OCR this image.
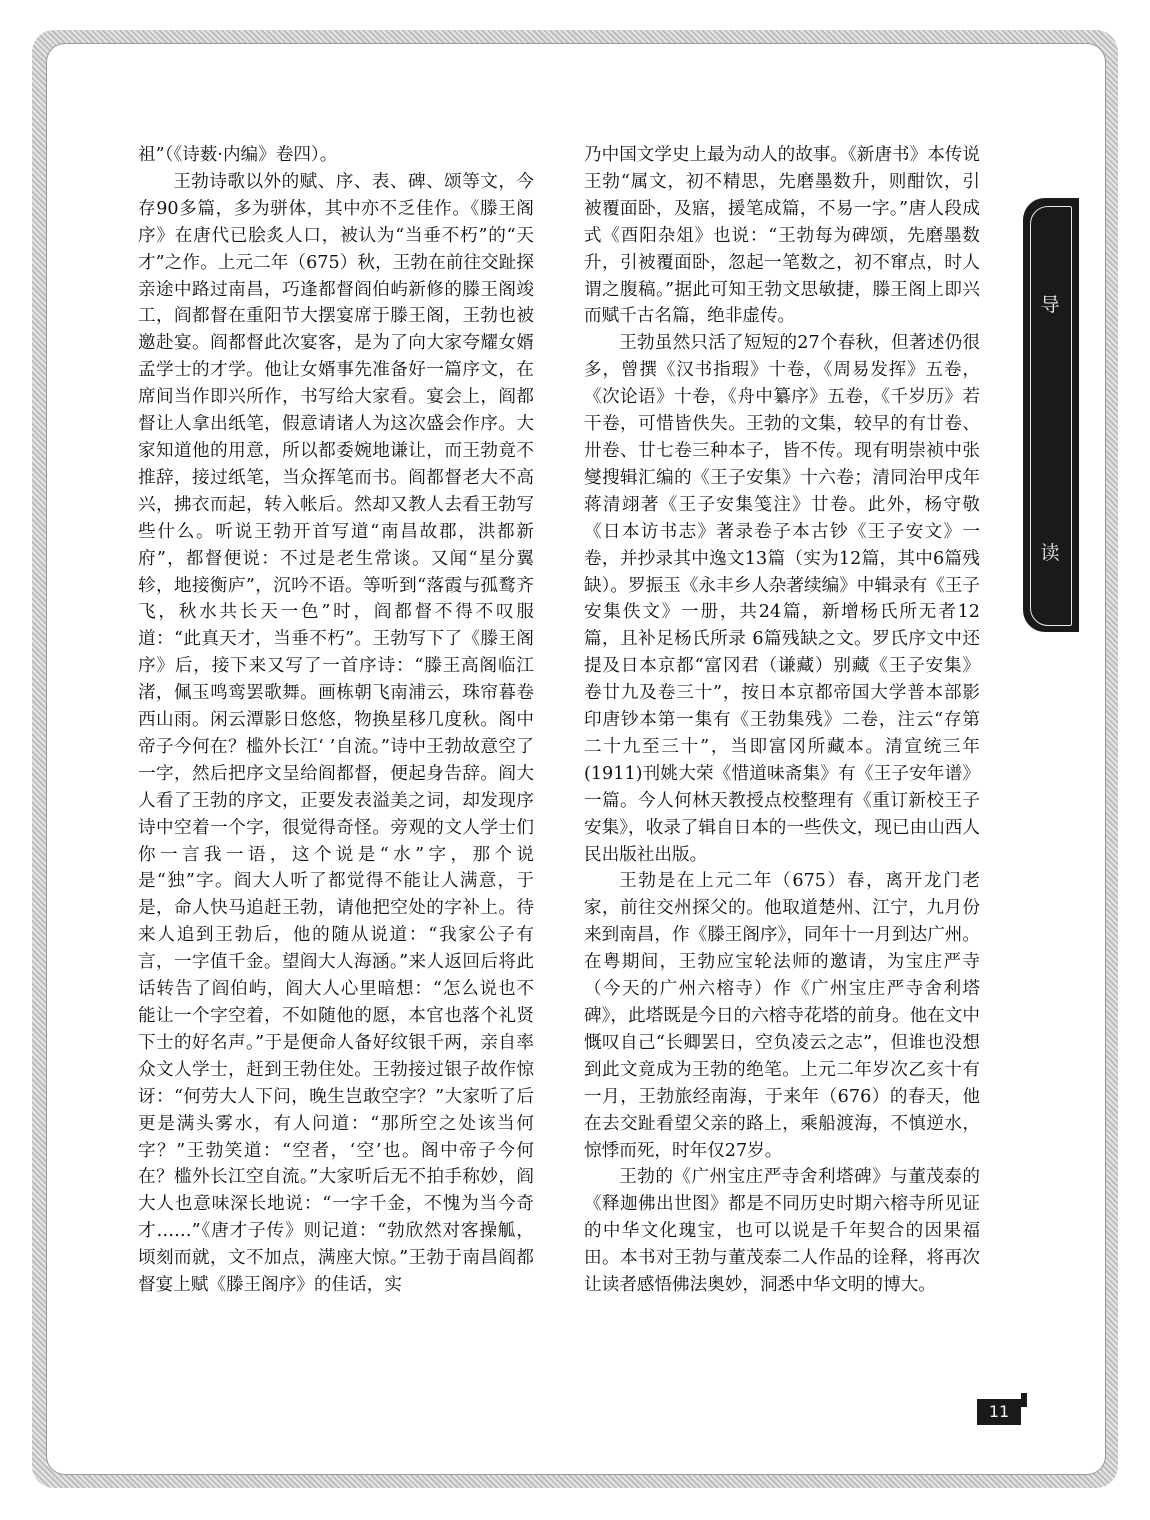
祖”（《诗薮·内编》卷四）。

王勃诗歌以外的赋、序、表、碑、颂等文，今存90多篇，多为骈体，其中亦不乏佳作。《滕王阁序》在唐代已脍炙人口，被认为“当垂不朽”的“天才”之作。上元二年（675）秋，王勃在前往交趾探亲途中路过南昌，巧逢都督阎伯屿新修的滕王阁竣工，阎都督在重阳节大摆宴席于滕王阁，王勃也被邀赴宴。阎都督此次宴客，是为了向大家夸耀女婿孟学士的才学。他让女婿事先准备好一篇序文，在席间当作即兴所作，书写给大家看。宴会上，阎都督让人拿出纸笔，假意请诸人为这次盛会作序。大家知道他的用意，所以都委婉地谦让，而王勃竟不推辞，接过纸笔，当众挥笔而书。阎都督老大不高兴，拂衣而起，转入帐后。然却又教人去看王勃写些什么。听说王勃开首写道“南昌故郡，洪都新府”，都督便说：不过是老生常谈。又闻“星分翼轸，地接衡庐”，沉吟不语。等听到“落霞与孤鹜齐飞，秋水共长天一色”时，阎都督不得不叹服道：“此真天才，当垂不朽”。王勃写下了《滕王阁序》后，接下来又写了一首序诗：“滕王高阁临江渚，佩玉鸣鸾罢歌舞。画栋朝飞南浦云，珠帘暮卷西山雨。闲云潭影日悠悠，物换星移几度秋。阁中帝子今何在？槛外长江‘ ’自流。”诗中王勃故意空了一字，然后把序文呈给阎都督，便起身告辞。阎大人看了王勃的序文，正要发表溢美之词，却发现序诗中空着一个字，很觉得奇怪。旁观的文人学士们你一言我一语，这个说是“水”字，那个说是“独”字。阎大人听了都觉得不能让人满意，于是，命人快马追赶王勃，请他把空处的字补上。待来人追到王勃后，他的随从说道：“我家公子有言，一字值千金。望阎大人海涵。”来人返回后将此话转告了阎伯屿，阎大人心里暗想：“怎么说也不能让一个字空着，不如随他的愿，本官也落个礼贤下士的好名声。”于是便命人备好纹银千两，亲自率众文人学士，赶到王勃住处。王勃接过银子故作惊讶：“何劳大人下问，晚生岂敢空字？”大家听了后更是满头雾水，有人问道：“那所空之处该当何字？”王勃笑道：“空者，‘空’也。阁中帝子今何在？槛外长江空自流。”大家听后无不拍手称妙，阎大人也意味深长地说：“一字千金，不愧为当今奇才……”《唐才子传》则记道：“勃欣然对客操觚，顷刻而就，文不加点，满座大惊。”王勃于南昌阎都督宴上赋《滕王阁序》的佳话，实

乃中国文学史上最为动人的故事。《新唐书》本传说王勃“属文，初不精思，先磨墨数升，则酣饮，引被覆面卧，及寤，援笔成篇，不易一字。”唐人段成式《酉阳杂俎》也说：“王勃每为碑颂，先磨墨数升，引被覆面卧，忽起一笔数之，初不窜点，时人谓之腹稿。”据此可知王勃文思敏捷，滕王阁上即兴而赋千古名篇，绝非虚传。

王勃虽然只活了短短的27个春秋，但著述仍很多，曾撰《汉书指瑕》十卷，《周易发挥》五卷，《次论语》十卷，《舟中纂序》五卷，《千岁历》若干卷，可惜皆佚失。王勃的文集，较早的有廿卷、卅卷、廿七卷三种本子，皆不传。现有明崇祯中张燮搜辑汇编的《王子安集》十六卷；清同治甲戌年蒋清翊著《王子安集笺注》廿卷。此外，杨守敬《日本访书志》著录卷子本古钞《王子安文》一卷，并抄录其中逸文13篇（实为12篇，其中6篇残缺）。罗振玉《永丰乡人杂著续编》中辑录有《王子安集佚文》一册，共24篇，新增杨氏所无者12篇，且补足杨氏所录 6篇残缺之文。罗氏序文中还提及日本京都“富冈君（谦藏）别藏《王子安集》卷廿九及卷三十”，按日本京都帝国大学普本部影印唐钞本第一集有《王勃集残》二卷，注云“存第二十九至三十”，当即富冈所藏本。清宣统三年(1911)刊姚大荣《惜道味斋集》有《王子安年谱》一篇。今人何林天教授点校整理有《重订新校王子安集》，收录了辑自日本的一些佚文，现已由山西人民出版社出版。

王勃是在上元二年（675）春，离开龙门老家，前往交州探父的。他取道楚州、江宁，九月份来到南昌，作《滕王阁序》，同年十一月到达广州。在粤期间，王勃应宝轮法师的邀请，为宝庄严寺（今天的广州六榕寺）作《广州宝庄严寺舍利塔碑》，此塔既是今日的六榕寺花塔的前身。他在文中慨叹自己“长卿罢日，空负凌云之志”，但谁也没想到此文竟成为王勃的绝笔。上元二年岁次乙亥十有一月，王勃旅经南海，于来年（676）的春天，他在去交趾看望父亲的路上，乘船渡海，不慎逆水，惊悸而死，时年仅27岁。

王勃的《广州宝庄严寺舍利塔碑》与董茂泰的《释迦佛出世图》都是不同历史时期六榕寺所见证的中华文化瑰宝，也可以说是千年契合的因果福田。本书对王勃与董茂泰二人作品的诠释，将再次让读者感悟佛法奥妙，洞悉中华文明的博大。

导
读
11
